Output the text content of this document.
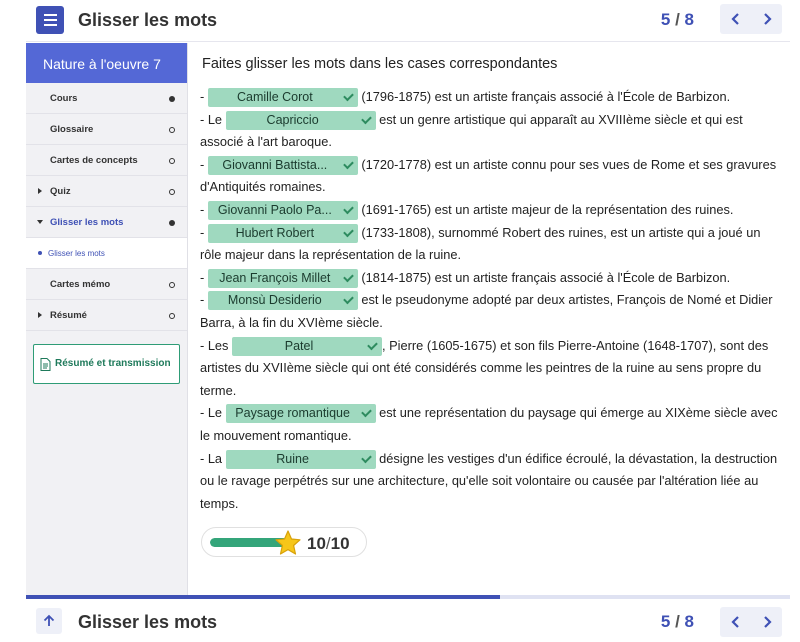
Glisser les mots	5 / 8
Nature à l'oeuvre 7
Cours
Glossaire
Cartes de concepts
Quiz
Glisser les mots
Glisser les mots
Cartes mémo
Résumé
Résumé et transmission
Faites glisser les mots dans les cases correspondantes
- Camille Corot	(1796-1875) est un artiste français associé à l'École de Barbizon.
- Le	Capriccio	est un genre artistique qui apparaît au XVIIIème siècle et qui est associé à l'art baroque.
- Giovanni Battista...
(1720-1778) est un artiste connu pour ses vues de Rome et ses gravures d'Antiquités romaines.
- Giovanni Paolo Pa...
(1691-1765) est un artiste majeur de la représentation des ruines.
- Hubert Robert	(1733-1808), surnommé Robert des ruines, est un artiste qui a joué un rôle majeur dans la représentation de la ruine.
- Jean François Millet
(1814-1875) est un artiste français associé à l'École de Barbizon.
- Monsù Desiderio	est le pseudonyme adopté par deux artistes, François de Nomé et Didier Barra, à la fin du XVIème siècle.
- Les	Patel	, Pierre (1605-1675) et son fils Pierre-Antoine (1648-1707), sont des artistes du XVIIème siècle qui ont été considérés comme les peintres de la ruine au sens propre du terme.
- Le Paysage romantique
est une représentation du paysage qui émerge au XIXème siècle avec le mouvement romantique.
- La	Ruine	désigne les vestiges d'un édifice écroulé, la dévastation, la destruction ou le ravage perpétrés sur une architecture, qu'elle soit volontaire ou causée par l'altération liée au temps.
10/10
Glisser les mots	5 / 8
